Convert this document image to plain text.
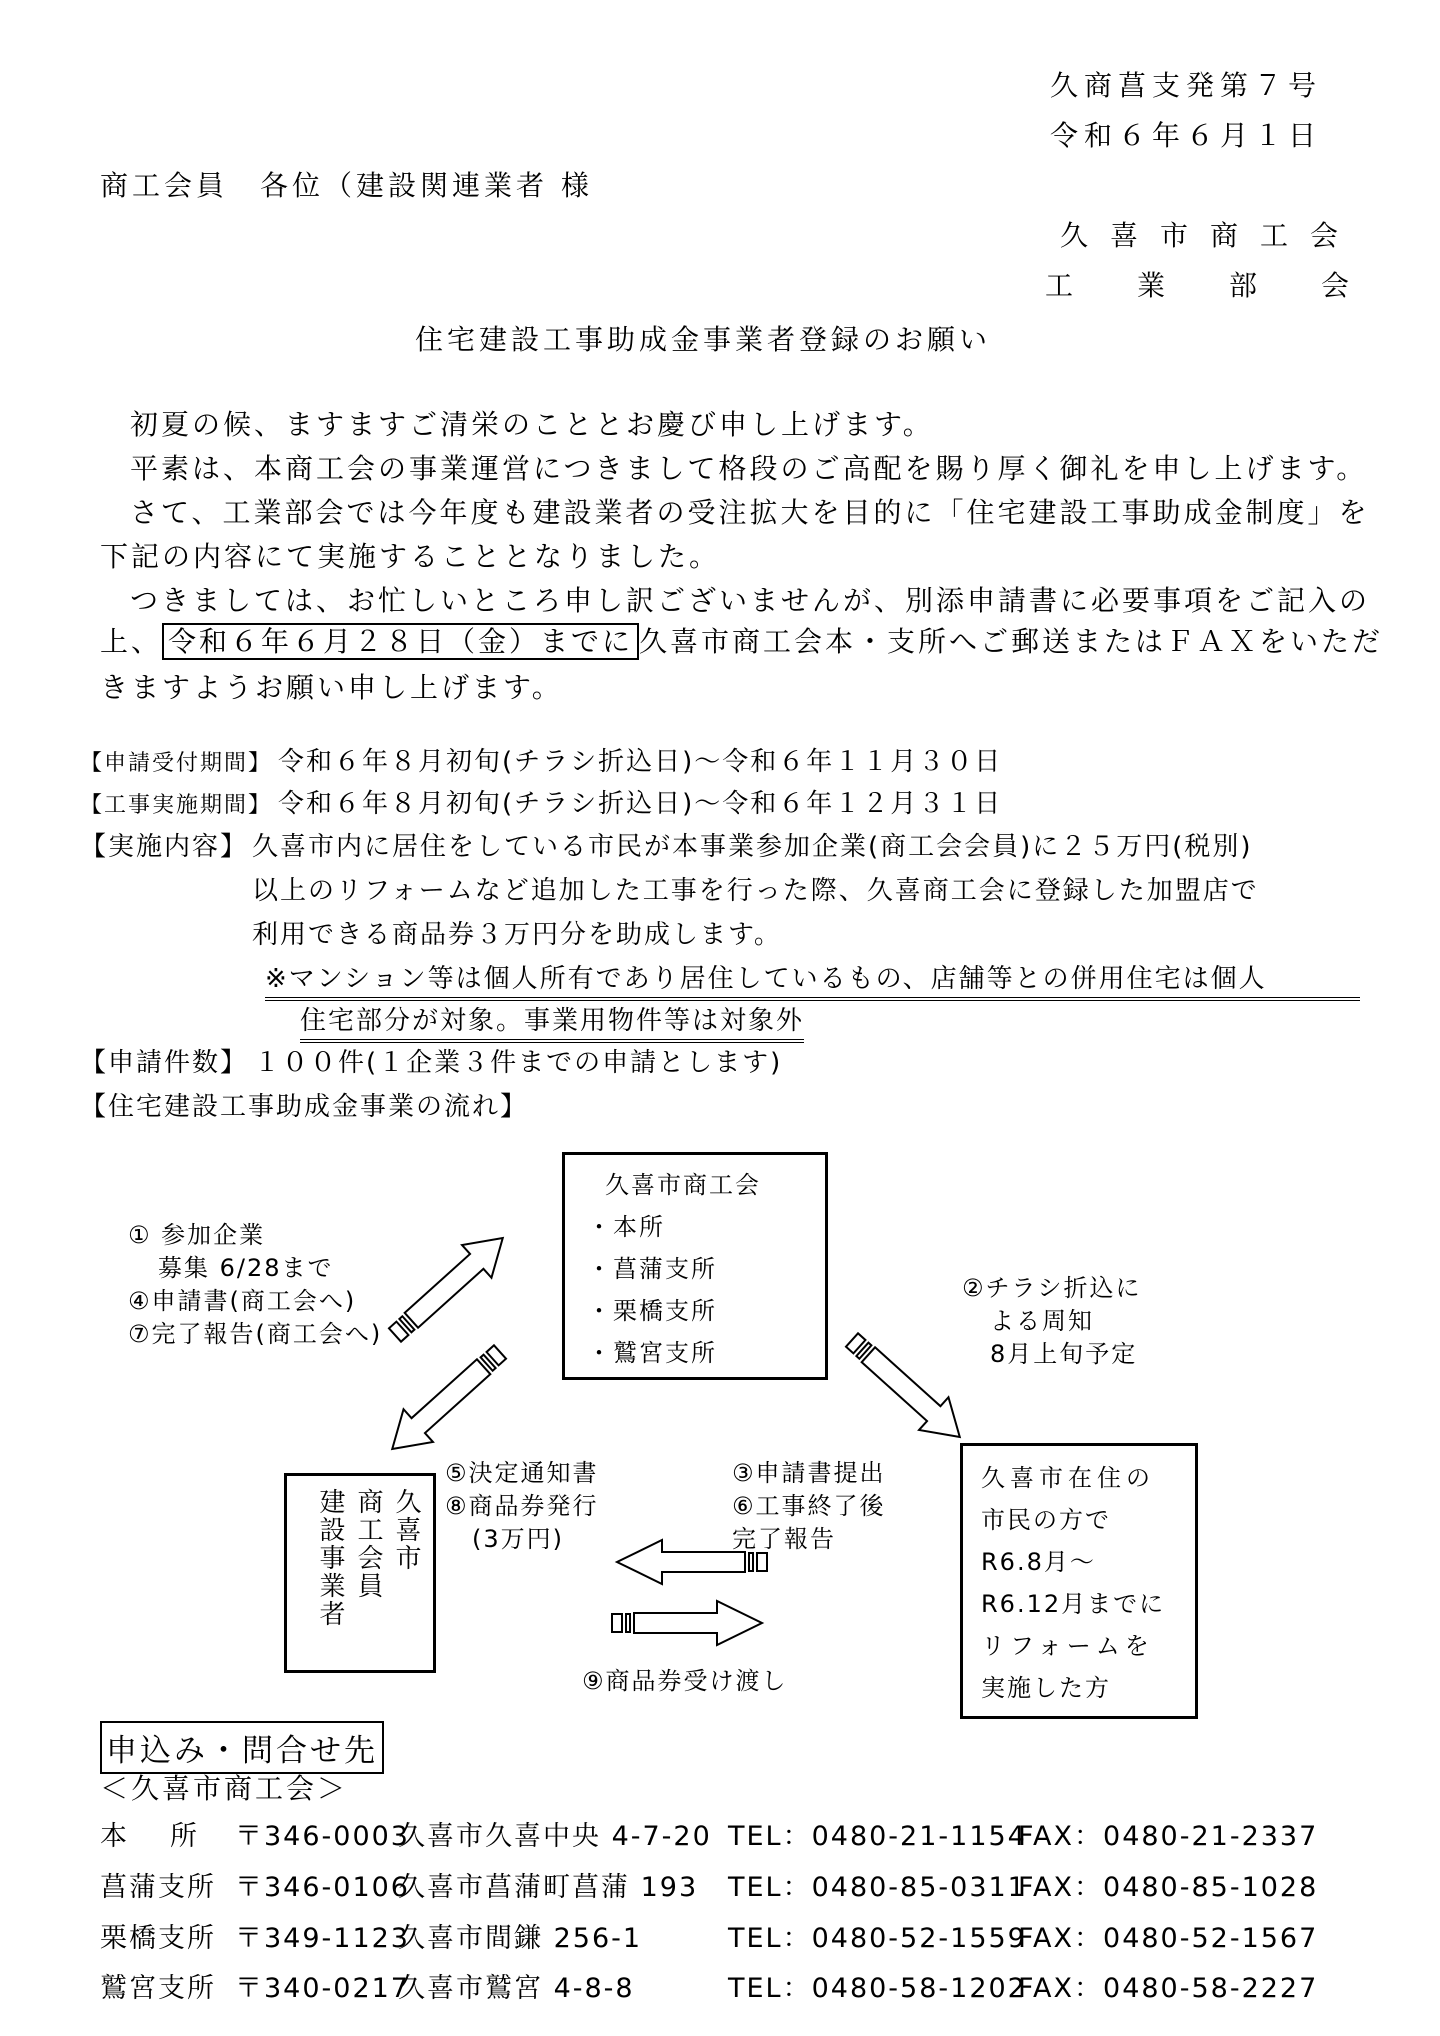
久商菖支発第７号
令和６年６月１日
商工会員　各位（建設関連業者 様
久喜市商工会
工業部会
住宅建設工事助成金事業者登録のお願い
初夏の候、ますますご清栄のこととお慶び申し上げます。
平素は、本商工会の事業運営につきまして格段のご高配を賜り厚く御礼を申し上げます。
さて、工業部会では今年度も建設業者の受注拡大を目的に「住宅建設工事助成金制度」を
下記の内容にて実施することとなりました。
つきましては、お忙しいところ申し訳ございませんが、別添申請書に必要事項をご記入の
上、 令和６年６月２８日（金）までに 久喜市商工会本・支所へご郵送またはＦＡＸをいただ
きますようお願い申し上げます。
【申請受付期間】 令和６年８月初旬(チラシ折込日)～令和６年１１月３０日
【工事実施期間】 令和６年８月初旬(チラシ折込日)～令和６年１２月３１日
【実施内容】 久喜市内に居住をしている市民が本事業参加企業(商工会会員)に２５万円(税別)
以上のリフォームなど追加した工事を行った際、久喜商工会に登録した加盟店で
利用できる商品券３万円分を助成します。
※マンション等は個人所有であり居住しているもの、店舗等との併用住宅は個人
住宅部分が対象。事業用物件等は対象外
【申請件数】 １００件(１企業３件までの申請とします)
【住宅建設工事助成金事業の流れ】
久喜市商工会
・本所
・菖蒲支所
・栗橋支所
・鷲宮支所
久喜市
商工会員
建設事業者
久喜市在住の
市民の方で
R6.8月～
R6.12月までに
リフォームを
実施した方
① 参加企業
募集 6/28まで
④申請書(商工会へ)
⑦完了報告(商工会へ)
②チラシ折込に
よる周知
8月上旬予定
⑤決定通知書
⑧商品券発行
(3万円)
③申請書提出
⑥工事終了後
完了報告
⑨商品券受け渡し
申込み・問合せ先
＜久喜市商工会＞
本　所 〒346-0003久喜市久喜中央 4-7-20 TEL：0480-21-1154FAX：0480-21-2337
菖蒲支所 〒346-0106久喜市菖蒲町菖蒲 193 TEL：0480-85-0311FAX：0480-85-1028
栗橋支所 〒349-1123久喜市間鎌 256-1	TEL：0480-52-1559FAX：0480-52-1567
鷲宮支所 〒340-0217久喜市鷲宮 4-8-8	TEL：0480-58-1202FAX：0480-58-2227
